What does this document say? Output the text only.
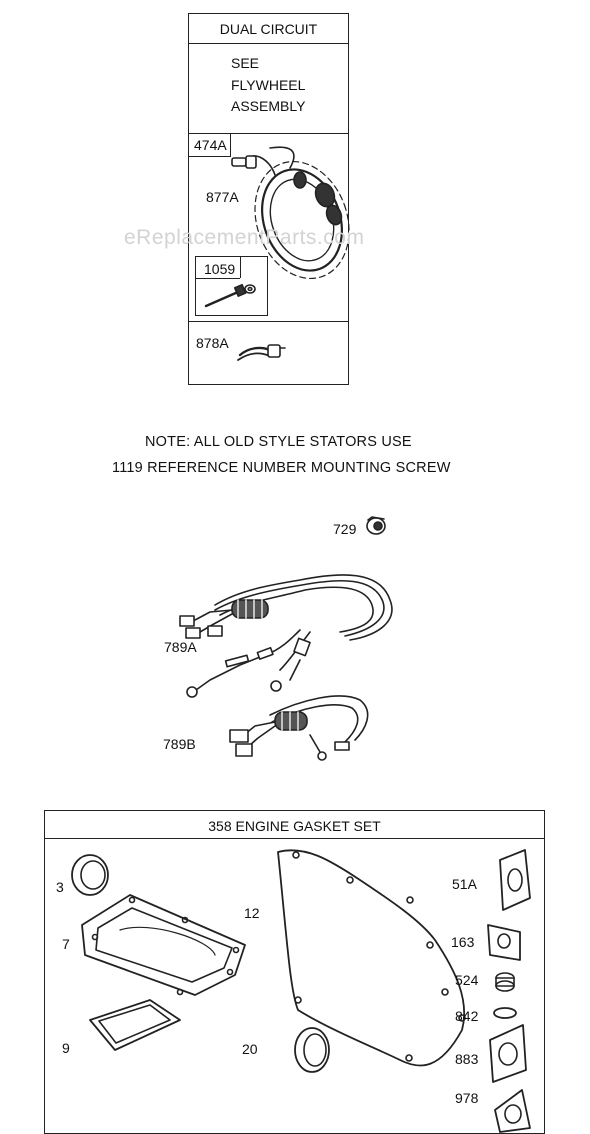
eReplacementParts.com
DUAL CIRCUIT
SEE
FLYWHEEL
ASSEMBLY
474A
877A
1059
878A
NOTE: ALL OLD STYLE STATORS USE
1119 REFERENCE NUMBER MOUNTING SCREW
729
789A
789B
358 ENGINE GASKET SET
3
7
9
12
20
51A
163
524
842
883
978
